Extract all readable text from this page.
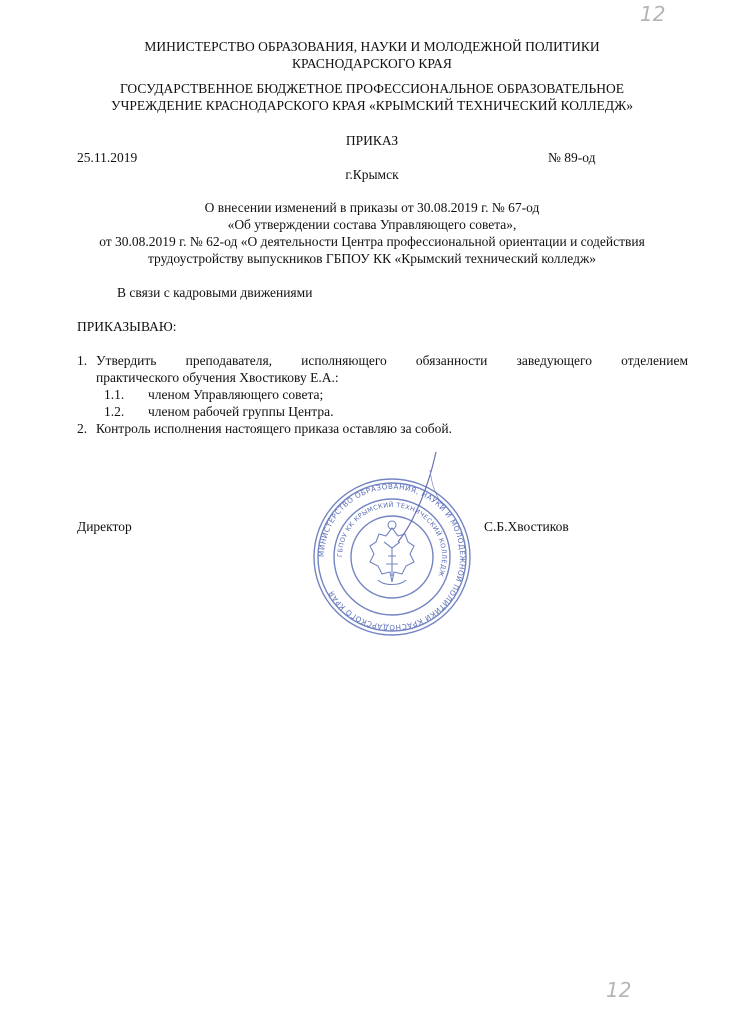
12
МИНИСТЕРСТВО ОБРАЗОВАНИЯ, НАУКИ И МОЛОДЕЖНОЙ ПОЛИТИКИ
КРАСНОДАРСКОГО КРАЯ
ГОСУДАРСТВЕННОЕ БЮДЖЕТНОЕ ПРОФЕССИОНАЛЬНОЕ ОБРАЗОВАТЕЛЬНОЕ
УЧРЕЖДЕНИЕ КРАСНОДАРСКОГО КРАЯ «КРЫМСКИЙ ТЕХНИЧЕСКИЙ КОЛЛЕДЖ»
ПРИКАЗ
25.11.2019	№ 89-од
г.Крымск
О внесении изменений в приказы от 30.08.2019 г. № 67-од
«Об утверждении состава Управляющего совета»,
от 30.08.2019 г. № 62-од «О деятельности Центра профессиональной ориентации и содействия
трудоустройству выпускников ГБПОУ КК «Крымский технический колледж»
В связи с кадровыми движениями
ПРИКАЗЫВАЮ:
1. Утвердить преподавателя, исполняющего обязанности заведующего отделением
практического обучения Хвостикову Е.А.:
1.1. членом Управляющего совета;
1.2. членом рабочей группы Центра.
2. Контроль исполнения настоящего приказа оставляю за собой.
Директор	С.Б.Хвостиков
МИНИСТЕРСТВО ОБРАЗОВАНИЯ, НАУКИ И МОЛОДЕЖНОЙ ПОЛИТИКИ КРАСНОДАРСКОГО КРАЯ
ГБПОУ КК КРЫМСКИЙ ТЕХНИЧЕСКИЙ КОЛЛЕДЖ
12
